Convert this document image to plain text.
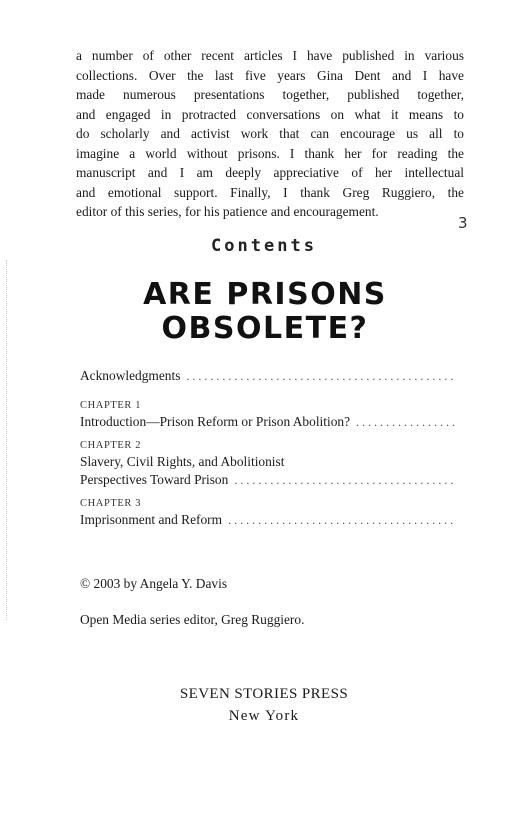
a number of other recent articles I have published in various
collections. Over the last five years Gina Dent and I have
made numerous presentations together, published together,
and engaged in protracted conversations on what it means to
do scholarly and activist work that can encourage us all to
imagine a world without prisons. I thank her for reading the
manuscript and I am deeply appreciative of her intellectual
and emotional support. Finally, I thank Greg Ruggiero, the
editor of this series, for his patience and encouragement.
3
Contents
ARE PRISONS
OBSOLETE?
Acknowledgments
. . .
CHAPTER 1
Introduction—Prison Reform or Prison Abolition?
. . .
CHAPTER 2
Slavery, Civil Rights, and Abolitionist
Perspectives Toward Prison
. . .
CHAPTER 3
Imprisonment and Reform
. . .
© 2003 by Angela Y. Davis
Open Media series editor, Greg Ruggiero.
SEVEN STORIES PRESS
New York
